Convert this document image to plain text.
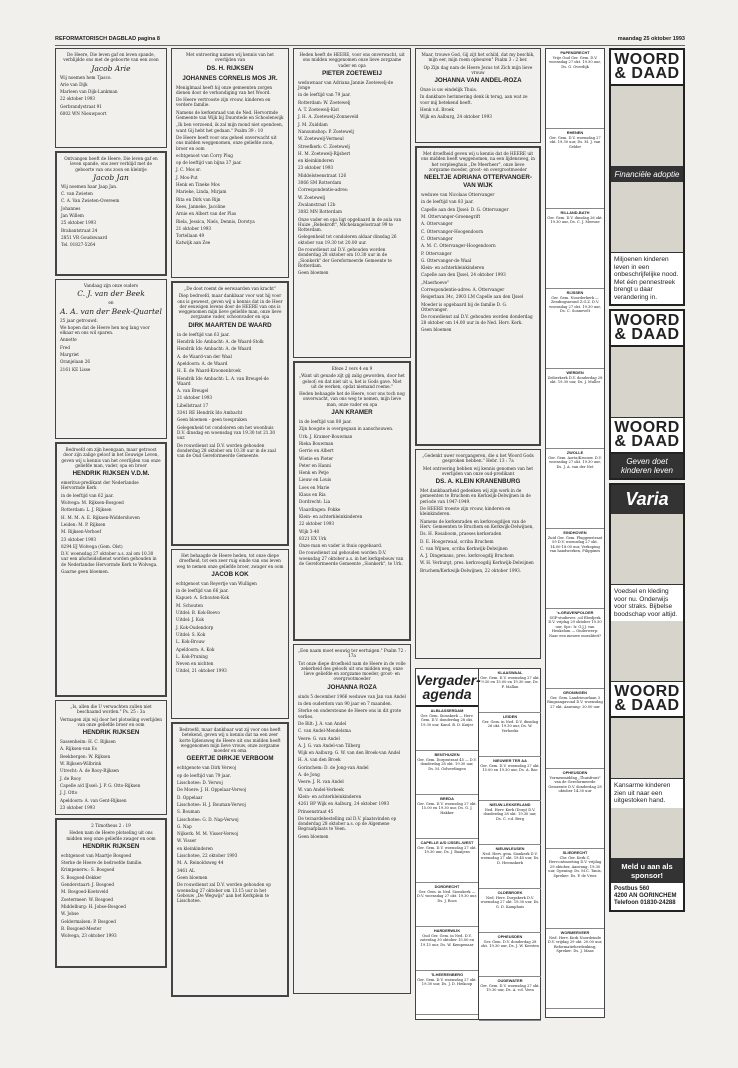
REFORMATORISCH DAGBLAD pagina 8	maandag 25 oktober 1993

De Heere, Die leven gaf en leven spande, verblijdde ons met de geboorte van een zoon

Jacob Arie

Wij noemen hem Tjasco.

Arie van Dijk

Marleen van Dijk-Lankman

22 oktober 1993

Gerbrandystraat 91

6002 WN Nieuwpoort

Ontvangen heeft de Heere, Die leven gaf en leven spande, ons zeer verblijd met de geboorte van ons zoon en kleintje

Jacob Jan

Wij noemen haar Jaap Jan.

C. van Zwieten

C. A. Van Zwieten-Overeem

Johannes

Jan Willem

25 oktober 1993

Brabantstraat 24

2851 VR Goudswaard

Tel. 01827-5264

Vandaag zijn onze ouders

C. J. van der Beek
en
A. A. van der Beek-Quartel

25 jaar getrouwd.

We hopen dat de Heere hen nog lang voor elkaar en ons wil sparen.

Annette

Fred

Margriet

Oranjelaan 26

2161 KE Lisse

Bedroefd om zijn heengaan, maar getroost door zijn zalige geloof in het Eeuwige Leven, geven wij u kennis van het overlijden van onze geliefde man, vader, opa en broer

HENDRIK RIJKSEN V.D.M.

emeritus-predikant der Nederlandse Hervormde Kerk

in de leeftijd van 62 jaar.

Wolvega: M. Rijksen-Bosgoed

Rotterdam: L. J. Rijksen

H. M. M. A. E. Rijksen-Widdershoven

Leiden: M. P. Rijksen

M. Rijksen-Verhoef

23 oktober 1993

8294 EJ Wolvega (Gem. Olst)

D.V. woensdag 27 oktober a.s. zal om 10.30 uur een afscheidsdienst worden gehouden in de Nederlandse Hervormde Kerk te Wolvega.

Gaarne geen bloemen.

„Is, allen die U verwachten zullen niet beschaamd worden." Ps. 25 : 3a

Vermagen zijn wij door het plotseling overlijden van onze geliefde broer en oom

HENDRIK RIJKSEN

Sassenheim: H. C. Rijksen

A. Rijksen-van Es

Beekbergen: W. Rijksen

W. Rijksen-Wilbrink

Utrecht: A. de Rooy-Rijksen

J. de Rooy

Capelle a/d IJssel: J. P. G. Otto-Rijksen

J. J. Otto

Apeldoorn: A. van Gent-Rijksen

23 oktober 1993

2 Timotheus 2 : 19

Heden nam de Heere plotseling uit ons midden weg onze geliefde zwager en oom

HENDRIK RIJKSEN

echtgenoot van Maartje Bosgoed

Sterke de Heere de bedroefde familie.

Krimpenerw.: S. Bosgoed

S. Bosgoed-Dekker

Genderstaart: J. Bosgoed

M. Bosgoed-Koetsveld

Zoetermeer: W. Bosgoed

Middelburg: H. Jobse-Bosgoed

W. Jobse

Geldermalsen: P. Bosgoed

B. Bosgoed-Mester

Wolvega, 23 oktober 1993

Met ontroering namen wij kennis van het overlijden van

DS. H. RIJKSEN
JOHANNES CORNELIS MOS JR.

Meniglmaal heeft hij onze gemeenten zorgen dienen door de verkondiging van het Woord.

De Heere vertrooste zijn vrouw, kinderen en verdere familie.

Namens de kerkenraad van de Ned. Hervormde Gemeente van Wijk bij Duurstede en Schoolenwijk

„Ik ben verzoend, ik zal mijn mond niet opendoen, want Gij hebt het gedaan." Psalm 39 : 10

De Heere heeft voor ons geheel onverwacht uit ons midden weggenomen, onze geliefde zoon, broer en oom

echtgenoot van Corry Plug

op de leeftijd van bijna 37 jaar.

J. C. Mos sr.

J. Mos-Put

Henk en Tineke Mos

Marieke, Linda, Mirjam

Rita en Dirk van Rijn

Kees, Janneke, Jacoline

Arnie en Albert van der Plas

Riela, Jessica, Niels, Dennis, Dorotya

21 oktober 1993

Tortellaan 49

Katwijk aan Zee

„De doot roemt de eerwaarden van kracht"

Diep bedroefd, maar dankbaar voor wat hij voor ons is geweest, geven wij u kennis dat in de Heer der eeuwigen levens door de HEERE van ons is weggenomen mijn lieve geliefde man, onze lieve zorgzame vader, schoonvader en opa

DIRK MAARTEN DE WAARD

in de leeftijd van 63 jaar.

Hendrik Ido Ambacht: A. de Waard-Stolk

Hendrik Ido Ambacht: A. de Waard

A. de Waard-van der Waal

Apeldoorn: A. de Waard

H. E. de Waard-Kroonenbroek

Hendrik Ido Ambacht: L. A. van Breugel-de Waard

A. van Breugel

21 oktober 1993

Libellstraat 17

3341 RE Hendrik Ido Ambacht

Geen bloemen - geen toespraken

Gelegenheid tot condoleren om het woonhuis D.V. dinsdag en woensdag van 19.30 tot 21.30 uur.

De rouwdienst zal D.V. worden gehouden donderdag 28 oktober om 10.30 uur in de zaal van de Oud Gereformeerde Gemeente.

Het behaagde de Heere heden, tot onze diepe droefheid, tot een zeer ruig einde van ons leven weg te nemen onze geliefde broer, zwager en oom

JACOB KOK

echtgenoot van Reyertje van Wulligen

in de leeftijd van 66 jaar.

Kapuet: A. Schouten-Kok

M. Schouten

Uitdel: B. Kok-Boevo

Uitdel: J. Kok

J. Kok-Oudendorp

Uitdel: S. Kok

L. Kok-Brouw

Apeldoorn: A. Kok

L. Kok-Pruning

Neven en nichten

Uitdel, 21 oktober 1993

Bedroefd, maar dankbaar wat zij voor ons heeft betekend, geven wij u kennis dat na een zeer korte lijdensweg de Heere uit ons midden heeft weggenomen mijn lieve vrouw, onze zorgzame moeder en oma

GEERTJE DIRKJE VERBOOM

echtgenote van Dirk Verwoj

op de leeftijd van 79 jaar.

Lisschotee: D. Verwoj

De Moere: J. H. Oppelaar-Verwoj

D. Oppelaar

Lisschotee: H. J. Bouman-Verwoj

S. Bouman

Lisschotee: G. D. Nap-Verwoj

G. Nap

Nijkerk: M. M. Visser-Verwoj

W. Visser

en kleinkinderen

Lisschotee, 22 oktober 1993

M. A. Reinoldsweg 44

3461 AL

Geen bloemen

De rouwdienst zal D.V. worden gehouden op woensdag 27 oktober om 13.15 uur in het Gebouw „De Wegwijs" aan het Kerkplein te Lisschotee.

Heden heeft de HEERE, voor ons onverwacht, uit ons midden weggenomen onze lieve zorgzame vader en opa

PIETER ZOETEWEIJ

weduwnaar van Adriana Jannie Zoetewelj-de Jonge

in de leeftijd van 79 jaar.

Rotterdam: W. Zoetewelj

A. T. Zoetewelj-Kist

J. H. A. Zoetewelj-Zonneveld

J. M. Zuiddam

Nansumshop: P. Zoetewelj

W. Zoetewelj-Vermeul

Streefkerk: C. Zoetewelj

H. M. Zoetewelj-Rijsbert

en kleinkinderen

23 oktober 1993

Middelsteenstraat 126

3066 SM Rotterdam

Correspondentie-adres:

W. Zoetewelj

Zwalanstraat 12b

3082 MN Rotterdam

Onze vader en opa ligt opgebaard in de aula van Huize „Rebekroft", Mlchelangelostraat 99 te Rotterdam.

Gelegenheid tot condoleren aldaar dinsdag 26 oktober van 19.30 tot 20.00 uur.

De rouwdienst zal D.V. gehouden worden donderdag 28 oktober om 10.30 uur in de „Sionkerk" der Gereformeerde Gemeente te Rotterdam.

Geen bloemen

Efeze 2 vers 4 en 9

„Want uit genade zijt gij zalig geworden, door het geloof; en dat niet uit u, het is Gods gave. Niet uit de werken, opdat niemand roeme."

Heden behaagde het de Heere, voor ons toch nog onverwacht, van ons weg te nemen, mijn lieve man, onze vader en opa

JAN KRAMER

in de leeftijd van 80 jaar.

Zijn hoogste is overgegaan in aanschouwen.

Urk: J. Kramer-Bouwman

Rieka Bouwman

Gerrie en Albert

Wietie en Pieter

Peter en Hanni

Henk en Petje

Lieuw en Louis

Loes en Marie

Klaus en Ria

Dordrecht: Lia

Vlaardingen: Pokke

Klein- en achterkleinkinderen

22 oktober 1993

Wijk 3-40

8321 EX Urk

Onze man en vader is thuis opgebaard.

De rouwdienst zal gehouden worden D.V. woensdag 27 oktober a.s. in het kerkgebouw van de Gereformeerde Gemeente „Sionkerk", te Urk.

„Een naam moet eeuwig ter eertuigen." Psalm 72 : 17a

Tot onze diepe droefheid nam de Heere in de volle zekerheid des geloofs uit ons midden weg, onze lieve geliefde en zorgzame moeder, groot- en overgrootmoeder

JOHANNA ROZA

sinds 5 december 1966 weduwe van Jan van Andel

in den ouderdom van 90 jaar en 7 maanden.

Sterke en ondersteune de Heere ons in dit grote verlies.

De Bilt: J. A. van Andel

C. van Andel-Mendelsma

Veere: G. van Andel

A. J. G. van Andel-van Tilberg

Wijk en Aalburg: G. W. van den Broek-van Andel

H. A. van den Broek

Gorinchem: D. de Jong-van Andel

A. de Jong

Veere: J. R. van Andel

W. van Andel-Verbeek

Klein- en achterkleinkinderen

4261 BP Wijk en Aalburg, 24 oktober 1993

Prinsenstraat 45

De teraardebestelling zal D.V. plaatsvinden op donderdag 28 oktober a.s. op de Algemene Begraafplaats te Veen.

Geen bloemen

Maar, trouwe God, Gij zijt het schild, dat my beschik, mijn eer, mijn roem opbeuren" Psalm 3 : 2 ber.

Op Zijn dag nam de Heere Jezus tot Zich mijn lieve vrouw

JOHANNA VAN ANDEL-ROZA

Onze is uw eindelijk Thuis.

In dankbare herinnering denk ik terug, aan wat ze voor mij betekend heeft.

Henk v.d. Broek

Wijk en Aalburg, 24 oktober 1993

Met droefheid geven wij u kennis dat de HEERE uit ons midden heeft weggenomen, na een lijdensweg, in het verpleeghuis „De Meerheer", onze lieve zorgzame moeder, groot- en overgrootmoeder

NEELTJE ADRIANA OTTERVANGER-VAN WIJK

weduwe van Nicolaas Ottervanger

in de leeftijd van 83 jaar.

Capelle aan den IJssel: D. G. Ottervanger

M. Ottervanger-Groenegrift

A. Ottervanger

C. Ottervanger-Hoogendoorn

C. Ottervanger

A. M. C. Ottervanger-Hoogendoorn

P. Ottervanger

G. Ottervanger-de Waal

Klein- en achterkleinkinderen

Capelle aan den IJssel, 24 oktober 1993

„Maerhoeve"

Correspondentie-adres: A. Ottervanger

Reigerlaan 34c, 2903 LM Capelle aan den IJssel

Moeder is opgebaard bij de familie D. G. Ottervanger.

De rouwdienst zal D.V. gehouden worden donderdag 28 oktober om 14.00 uur in de Ned. Herv. Kerk.

Geen bloemen

„Gedenkt uwer voorgangeren, die u het Woord Gods gesproken hebben." Hebr. 13 : 7a

Met ontroering hebben wij kennis genomen van het overlijden van onze oud-predikant

DS. A. KLEIN KRANENBURG

Met dankbaarheid gedenken wij zijn werk in de gemeenten te Bruchem en Kerkwijk-Delwijnen in de periode van 1947-1949.

De HEERE troeste zijn vrouw, kinderen en kleinkinderen.

Namens de kerkenraden en kerkvoogdijen van de Herv. Gemeenten te Bruchem en Kerkwijk-Delwijnen,

Ds. H. Rosaboom, praeses kerkeraden

D. E. Hoogerwaal, scriba Bruchem

C. van Wijnen, scriba Kerkwijk-Delwijnen

A. J. Dingemans, pres. kerkvoogdij Bruchem

W. H. Verburgt, pres. kerkvoogdij Kerkwijk-Delwijnen

Bruchem/Kerkwijk-Delwijnen, 22 oktober 1993.

Vergader-agenda
ALBLASSERDAM
Ger. Gem. Sionskerk — Herv. Gem. D.V. donderdag 28 okt. 19.30 uur, Kand. B. D. Kuijer
BENTHUIZEN
Ger. Gem. Dorpsstraat 45 — D.V. donderdag 28 okt. 19.30 uur, Ds. M. Golverdingen
BREDA
Ger. Gem. D.V. woensdag 27 okt. 15.00 en 19.30 uur, Ds. G. J. Hakker
CAPELLE A/D IJSSEL-WEST
Ger. Gem. D.V. woensdag 27 okt. 19.30 uur, Ds. J. Baaijens
DORDRECHT
Ger. Gem. in Ned. Sionskerk — D.V. woensdag 27 okt. 19.30 uur, Ds. J. Roos
HARDERWIJK
Oud Ger. Gem. in Ned. D.V. zaterdag 30 oktober 15.00 en 19.15 uur, Ds. W. Kempenaar
'S-HEERENBERG
Ger. Gem. D.V. woensdag 27 okt. 19.30 uur, Ds. J. D. Heikoop
KLAASWAAL
Ger. Gem. D.V. woensdag 27 okt. 9.30 en 15.00 en 19.30 uur, Ds. F. Mallan
LEIDEN
Ger. Gem. in Ned. D.V. dinsdag 26 okt. 19.30 uur, Ds. W. Verhoeks
NIEUWER TER AA
Ger. Gem. D.V. woensdag 27 okt. 15.00 en 19.30 uur, Ds. A. Bac
NIEUW-LEKKERLAND
Ned. Herv. Kerk (Dorp) D.V. donderdag 28 okt. 19.30 uur, Ds. C. v.d. Berg
NIEUWLEUSEN
Ned. Herv. gem. Sionkerk D.V. woensdag 27 okt. 19.45 uur, Ds. D. Heemskerk
OLDEBROEK
Ned. Herv. Dorpskerk D.V. woensdag 27 okt. 19.30 uur, Ds. G. D. Kamphuis
OPHEUSDEN
Ger. Gem. D.V. donderdag 28 okt. 19.30 uur, Ds. J. W. Kersten
OUDEWATER
Ger. Gem. D.V. woensdag 27 okt. 19.30 uur, Ds. A. v.d. Veen
PAPENDRECHT
Vrije Oud Ger. Gem. D.V. woensdag 27 okt. 19.30 uur, Ds. G. Overdijk
RHENEN
Ger. Gem. D.V. woensdag 27 okt. 19.30 uur, Ds. M. J. van Gelder
RILLAND-BATH
Ger. Gem. D.V. dinsdag 26 okt. 19.30 uur, Ds. C. J. Meeuse
RIJSSEN
Ger. Gem. Noorderkerk — Zendingsavond Z.G.Z. D.V. woensdag 27 okt. 19.30 uur, Ds. C. Sonnevelt
WERDEN
Zeiberkerk D.V. donderdag 28 okt. 19.30 uur, Ds. J. Muller
ZWOLLE
Ger. Gem. Aorta/Kroonw. D.V. woensdag 27 okt. 19.30 uur, Ds. J. A. van der Net
EINDHOVEN
Zuid Ger. Gem. Pluggenstraat 59 D.V. woensdag 27 okt. 14.00-18.00 uur, Verkoping van handwerken, Filippines
's-GRAVENPOLDER
SGP-studiever. ‚od Ebedjezk D.V. vrijdag 29 oktober 19.30 uur, Spr.: Ir. G.J.J. van Heukelom — Onderwerp: Naar een nieuwe moraliteit?
GRONINGEN
Ger. Gem. Landrieuwlaan 3 Ringzangavond D.V. woensdag 27 okt. Aanvang: 20.00 uur
OPHEUSDEN
Vormenmiddag „Thuisfront" van de Gereformeerde Gemeente D.V. donderdag 28 oktober 14.30 uur
SLIEDRECHT
Chr. Ger. Kerk C. Herv.ontmoeting D.V. vrijdag 29 oktober, Aanvang: 19.30 uur, Opening: Ds. M.C. Tanis, Spreker: Ds. P. de Vries
WORMERVEER
Ned. Herv. Kerk Noordeinde D.V. vrijdag 29 okt. 20.00 uur, Reformatieherdenking, Spreker: Ds. J. Maas
WOORD & DAAD
Financiële adoptie
Miljoenen kinderen leven in een onbeschrijfelijke nood. Met één pennestreek brengt u daar verandering in.
WOORD & DAAD
WOORD & DAAD
Geven doet kinderen leven
Varia
Voedsel en kleding voor nu. Onderwijs voor straks. Bijbelse boodschap voor altijd.
WOORD & DAAD
Kansarme kinderen zien uit naar een uitgestoken hand.
Meld u aan als sponsor!
Postbus 560
4200 AN GORINCHEM
Telefoon 01830-24288
